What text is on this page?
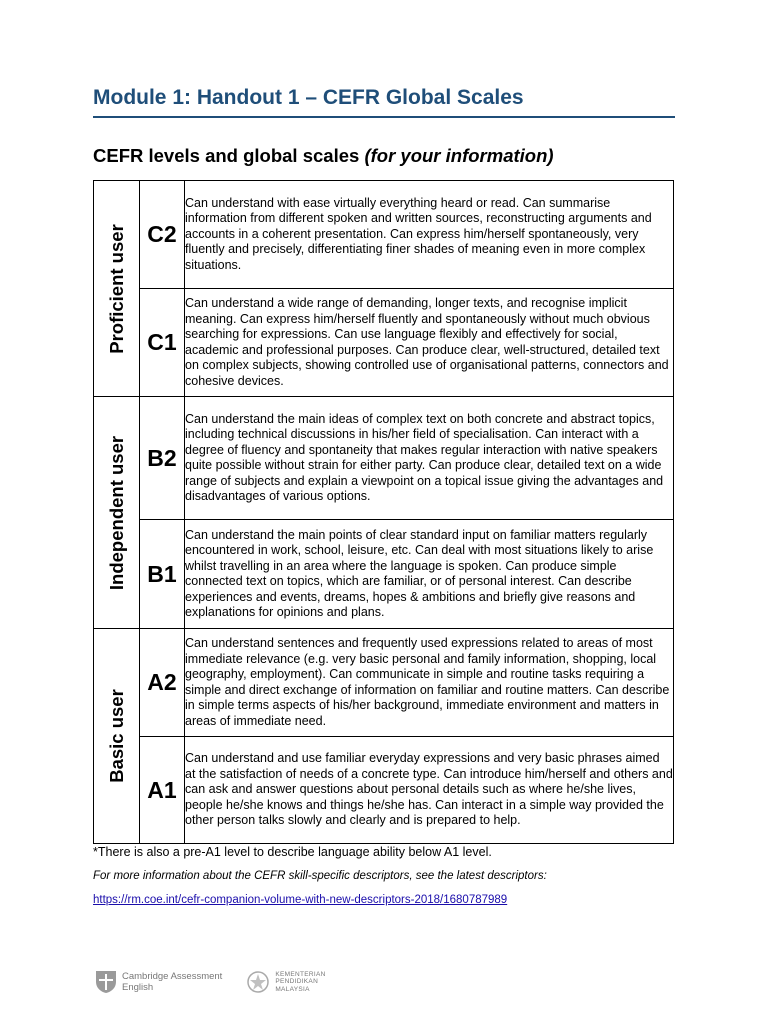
Module 1: Handout 1 – CEFR Global Scales
CEFR levels and global scales (for your information)
Proficient user	C2	Can understand with ease virtually everything heard or read. Can summarise information from different spoken and written sources, reconstructing arguments and accounts in a coherent presentation. Can express him/herself spontaneously, very fluently and precisely, differentiating finer shades of meaning even in more complex situations.
	C1	Can understand a wide range of demanding, longer texts, and recognise implicit meaning. Can express him/herself fluently and spontaneously without much obvious searching for expressions. Can use language flexibly and effectively for social, academic and professional purposes. Can produce clear, well-structured, detailed text on complex subjects, showing controlled use of organisational patterns, connectors and cohesive devices.

Independent user	B2	Can understand the main ideas of complex text on both concrete and abstract topics, including technical discussions in his/her field of specialisation. Can interact with a degree of fluency and spontaneity that makes regular interaction with native speakers quite possible without strain for either party. Can produce clear, detailed text on a wide range of subjects and explain a viewpoint on a topical issue giving the advantages and disadvantages of various options.
	B1	Can understand the main points of clear standard input on familiar matters regularly encountered in work, school, leisure, etc. Can deal with most situations likely to arise whilst travelling in an area where the language is spoken. Can produce simple connected text on topics, which are familiar, or of personal interest. Can describe experiences and events, dreams, hopes & ambitions and briefly give reasons and explanations for opinions and plans.

Basic user	A2	Can understand sentences and frequently used expressions related to areas of most immediate relevance (e.g. very basic personal and family information, shopping, local geography, employment). Can communicate in simple and routine tasks requiring a simple and direct exchange of information on familiar and routine matters. Can describe in simple terms aspects of his/her background, immediate environment and matters in areas of immediate need.
	A1	Can understand and use familiar everyday expressions and very basic phrases aimed at the satisfaction of needs of a concrete type. Can introduce him/herself and others and can ask and answer questions about personal details such as where he/she lives, people he/she knows and things he/she has. Can interact in a simple way provided the other person talks slowly and clearly and is prepared to help.
*There is also a pre-A1 level to describe language ability below A1 level.
For more information about the CEFR skill-specific descriptors, see the latest descriptors:
https://rm.coe.int/cefr-companion-volume-with-new-descriptors-2018/1680787989
Cambridge Assessment
English
KEMENTERIAN
PENDIDIKAN
MALAYSIA
